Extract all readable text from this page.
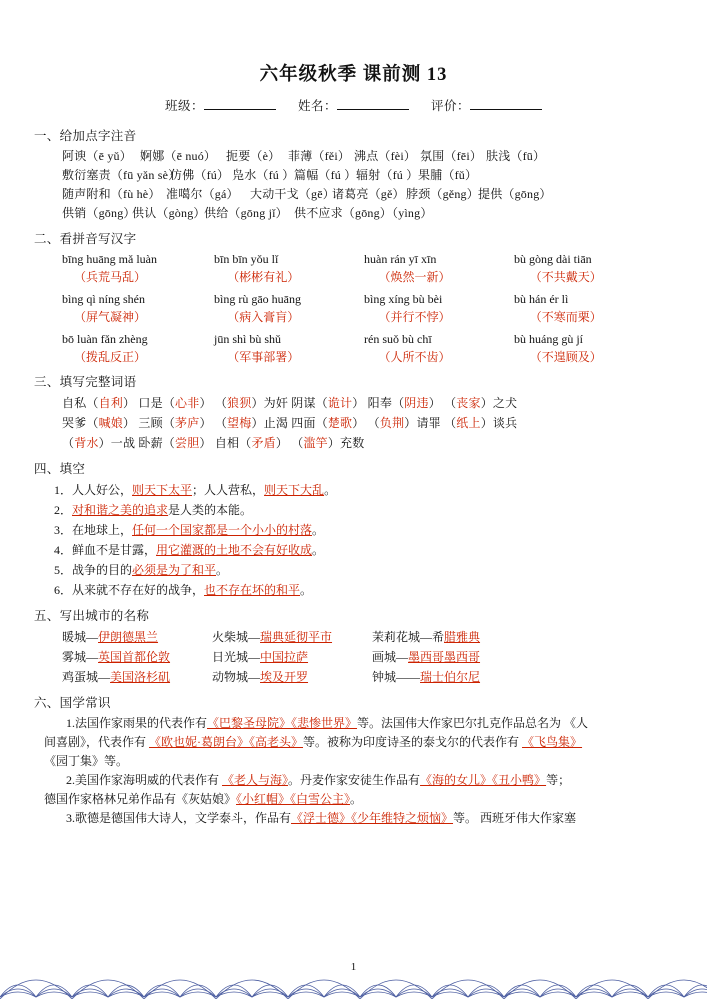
六年级秋季 课前测 13
班级：	姓名：	评价：
一、给加点字注音
阿谀（ē yǔ） 婀娜（ē nuó） 扼要（è） 菲薄（fěi） 沸点（fèi） 氛围（fēi） 肤浅（fū）
敷衍塞责（fū yǎn sè）仿佛（fú） 凫水（fú ）篇幅（fú ）辐射（fú ）果脯（fǔ）
随声附和（fù hè） 准噶尔（gá） 大动干戈（gē）诸葛亮（gě）脖颈（gěng）提供（gōng）
供销（gōng）供认（gòng）供给（gōng jǐ） 供不应求（gōng）（yìng）
二、看拼音写汉字
bīng huāng mǎ luàn	bīn bīn yǒu lǐ	huàn rán yī xīn	bù gòng dài tiān
（兵荒马乱）	（彬彬有礼）	（焕然一新）	（不共戴天）
bìng qì níng shén	bìng rù gāo huāng	bìng xíng bù bèi	bù hán ér lì
（屏气凝神）	（病入膏肓）	（并行不悖）	（不寒而栗）
bō luàn fǎn zhèng	jūn shì bù shǔ	rén suǒ bù chī	bù huáng gù jí
（拨乱反正）	（军事部署）	（人所不齿）	（不遑顾及）
三、填写完整词语
自私（自利） 口是（心非） （狼狈）为奸 阴谋（诡计） 阳奉（阴违） （丧家）之犬
哭爹（喊娘） 三顾（茅庐） （望梅）止渴 四面（楚歌） （负荆）请罪 （纸上）谈兵
（背水）一战 卧薪（尝胆） 自相（矛盾） （滥竽）充数
四、填空
1．人人好公，则天下太平；人人营私，则天下大乱。
2．对和谐之美的追求是人类的本能。
3．在地球上，任何一个国家都是一个小小的村落。
4．鲜血不是甘露，用它灌溉的土地不会有好收成。
5．战争的目的必须是为了和平。
6．从来就不存在好的战争，也不存在坏的和平。
五、写出城市的名称
暖城—伊朗德黑兰	火柴城—瑞典延彻平市	茉莉花城—希腊雅典
雾城—英国首都伦敦	日光城—中国拉萨	画城—墨西哥墨西哥
鸡蛋城—美国洛杉矶	动物城—埃及开罗	钟城——瑞士伯尔尼
六、国学常识
1.法国作家雨果的代表作有《巴黎圣母院》《悲惨世界》等。法国伟大作家巴尔扎克作品总名为 《人
间喜剧》，代表作有 《欧也妮·葛朗台》《高老头》等。被称为印度诗圣的泰戈尔的代表作有 《飞鸟集》
《园丁集》等。
2.美国作家海明威的代表作有 《老人与海》。丹麦作家安徒生作品有《海的女儿》《丑小鸭》等；
德国作家格林兄弟作品有《灰姑娘》《小红帽》《白雪公主》。
3.歌德是德国伟大诗人，文学泰斗，作品有《浮士德》《少年维特之烦恼》等。 西班牙伟大作家塞
1
